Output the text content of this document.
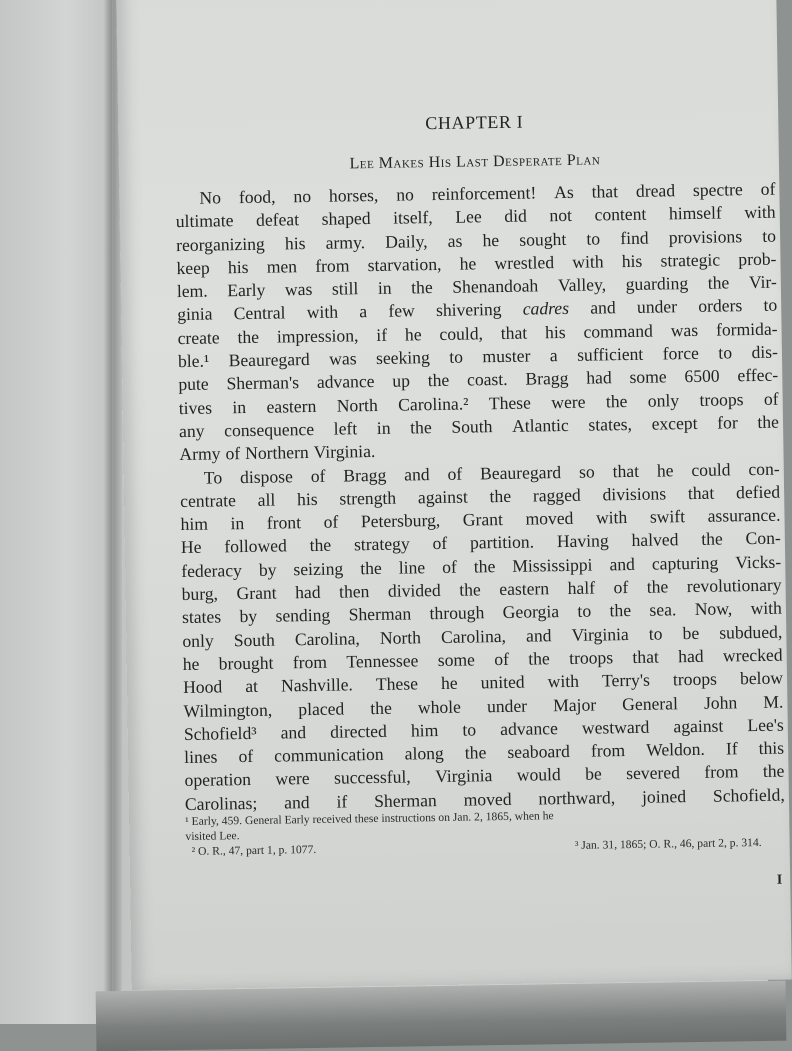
CHAPTER I
Lee Makes His Last Desperate Plan
No food, no horses, no reinforcement! As that dread spectre of
ultimate defeat shaped itself, Lee did not content himself with
reorganizing his army. Daily, as he sought to find provisions to
keep his men from starvation, he wrestled with his strategic prob-
lem. Early was still in the Shenandoah Valley, guarding the Vir-
ginia Central with a few shivering cadres and under orders to
create the impression, if he could, that his command was formida-
ble.¹ Beauregard was seeking to muster a sufficient force to dis-
pute Sherman's advance up the coast. Bragg had some 6500 effec-
tives in eastern North Carolina.² These were the only troops of
any consequence left in the South Atlantic states, except for the
Army of Northern Virginia.
To dispose of Bragg and of Beauregard so that he could con-
centrate all his strength against the ragged divisions that defied
him in front of Petersburg, Grant moved with swift assurance.
He followed the strategy of partition. Having halved the Con-
federacy by seizing the line of the Mississippi and capturing Vicks-
burg, Grant had then divided the eastern half of the revolutionary
states by sending Sherman through Georgia to the sea. Now, with
only South Carolina, North Carolina, and Virginia to be subdued,
he brought from Tennessee some of the troops that had wrecked
Hood at Nashville. These he united with Terry's troops below
Wilmington, placed the whole under Major General John M.
Schofield³ and directed him to advance westward against Lee's
lines of communication along the seaboard from Weldon. If this
operation were successful, Virginia would be severed from the
Carolinas; and if Sherman moved northward, joined Schofield,
¹ Early, 459. General Early received these instructions on Jan. 2, 1865, when he
visited Lee.
² O. R., 47, part 1, p. 1077.	³ Jan. 31, 1865; O. R., 46, part 2, p. 314.
I
